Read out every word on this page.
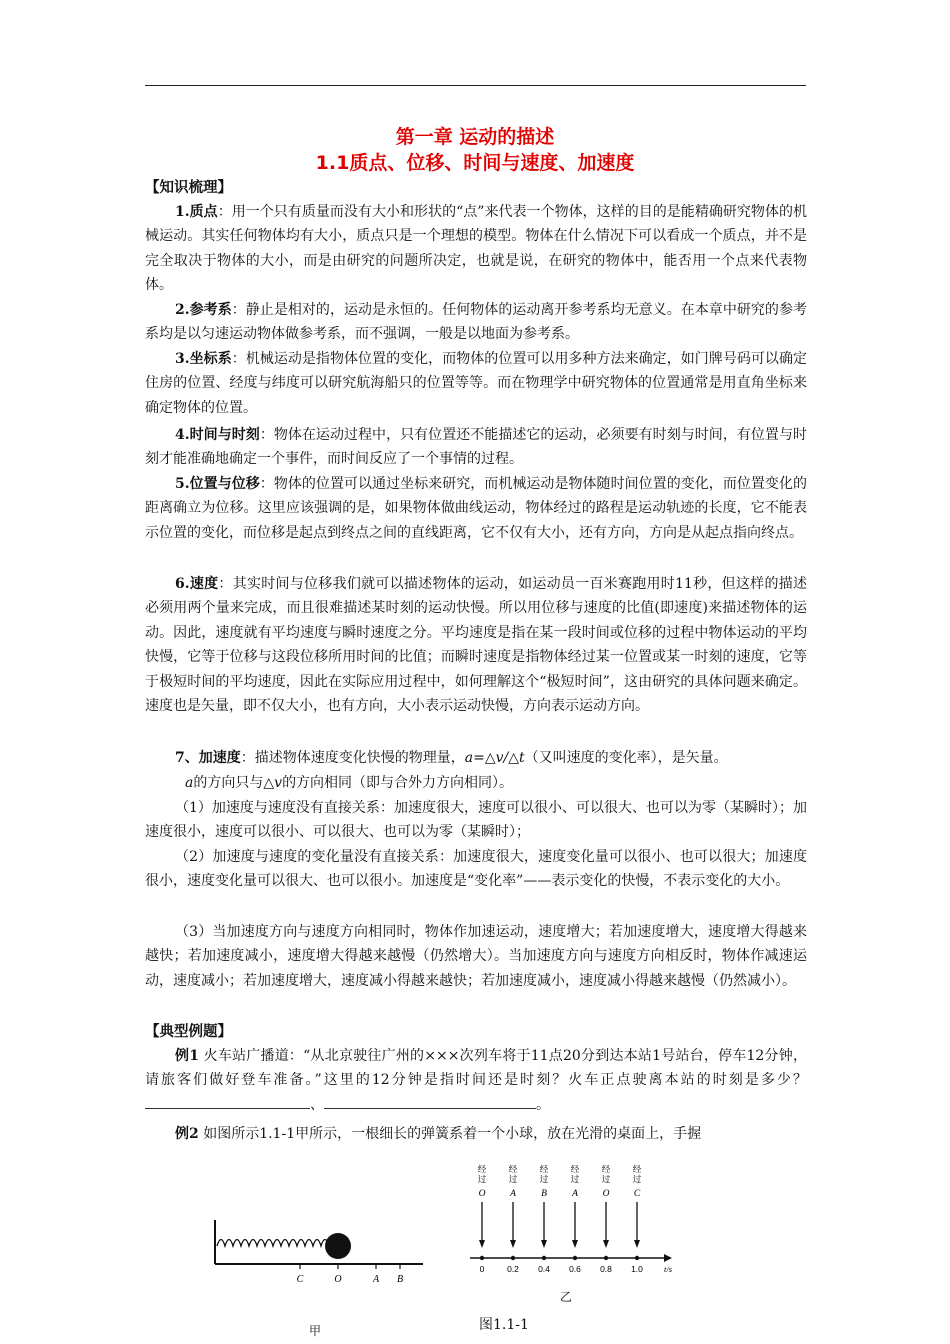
第一章 运动的描述
1.1质点、位移、时间与速度、加速度
【知识梳理】
1.质点：用一个只有质量而没有大小和形状的“点”来代表一个物体，这样的目的是能精确研究物体的机械运动。其实任何物体均有大小，质点只是一个理想的模型。物体在什么情况下可以看成一个质点，并不是完全取决于物体的大小，而是由研究的问题所决定，也就是说，在研究的物体中，能否用一个点来代表物体。
2.参考系：静止是相对的，运动是永恒的。任何物体的运动离开参考系均无意义。在本章中研究的参考系均是以匀速运动物体做参考系，而不强调，一般是以地面为参考系。
3.坐标系：机械运动是指物体位置的变化，而物体的位置可以用多种方法来确定，如门牌号码可以确定住房的位置、经度与纬度可以研究航海船只的位置等等。而在物理学中研究物体的位置通常是用直角坐标来确定物体的位置。
4.时间与时刻：物体在运动过程中，只有位置还不能描述它的运动，必须要有时刻与时间，有位置与时刻才能准确地确定一个事件，而时间反应了一个事情的过程。
5.位置与位移：物体的位置可以通过坐标来研究，而机械运动是物体随时间位置的变化，而位置变化的距离确立为位移。这里应该强调的是，如果物体做曲线运动，物体经过的路程是运动轨迹的长度，它不能表示位置的变化，而位移是起点到终点之间的直线距离，它不仅有大小，还有方向，方向是从起点指向终点。
6.速度：其实时间与位移我们就可以描述物体的运动，如运动员一百米赛跑用时11秒，但这样的描述必须用两个量来完成，而且很难描述某时刻的运动快慢。所以用位移与速度的比值(即速度)来描述物体的运动。因此，速度就有平均速度与瞬时速度之分。平均速度是指在某一段时间或位移的过程中物体运动的平均快慢，它等于位移与这段位移所用时间的比值；而瞬时速度是指物体经过某一位置或某一时刻的速度，它等于极短时间的平均速度，因此在实际应用过程中，如何理解这个“极短时间”，这由研究的具体问题来确定。速度也是矢量，即不仅大小，也有方向，大小表示运动快慢，方向表示运动方向。
7、加速度：描述物体速度变化快慢的物理量，a=△v/△t（又叫速度的变化率），是矢量。
a的方向只与△v的方向相同（即与合外力方向相同）。
（1）加速度与速度没有直接关系：加速度很大，速度可以很小、可以很大、也可以为零（某瞬时）；加速度很小，速度可以很小、可以很大、也可以为零（某瞬时）；
（2）加速度与速度的变化量没有直接关系：加速度很大，速度变化量可以很小、也可以很大；加速度很小，速度变化量可以很大、也可以很小。加速度是“变化率”——表示变化的快慢，不表示变化的大小。
（3）当加速度方向与速度方向相同时，物体作加速运动，速度增大；若加速度增大，速度增大得越来越快；若加速度减小，速度增大得越来越慢（仍然增大）。当加速度方向与速度方向相反时，物体作减速运动，速度减小；若加速度增大，速度减小得越来越快；若加速度减小，速度减小得越来越慢（仍然减小）。
【典型例题】
例1 火车站广播道：“从北京驶往广州的×××次列车将于11点20分到达本站1号站台，停车12分钟，请旅客们做好登车准备。”这里的12分钟是指时间还是时刻？火车正点驶离本站的时刻是多少？、	。
例2 如图所示1.1-1甲所示，一根细长的弹簧系着一个小球，放在光滑的桌面上，手握
C	O	A B
甲
0
经
过
O
0.2
经
过
A
0.4
经
过
B
0.6
经
过
A
0.8
经
过
O
1.0
经
过
C
t/s
乙
图1.1-1
